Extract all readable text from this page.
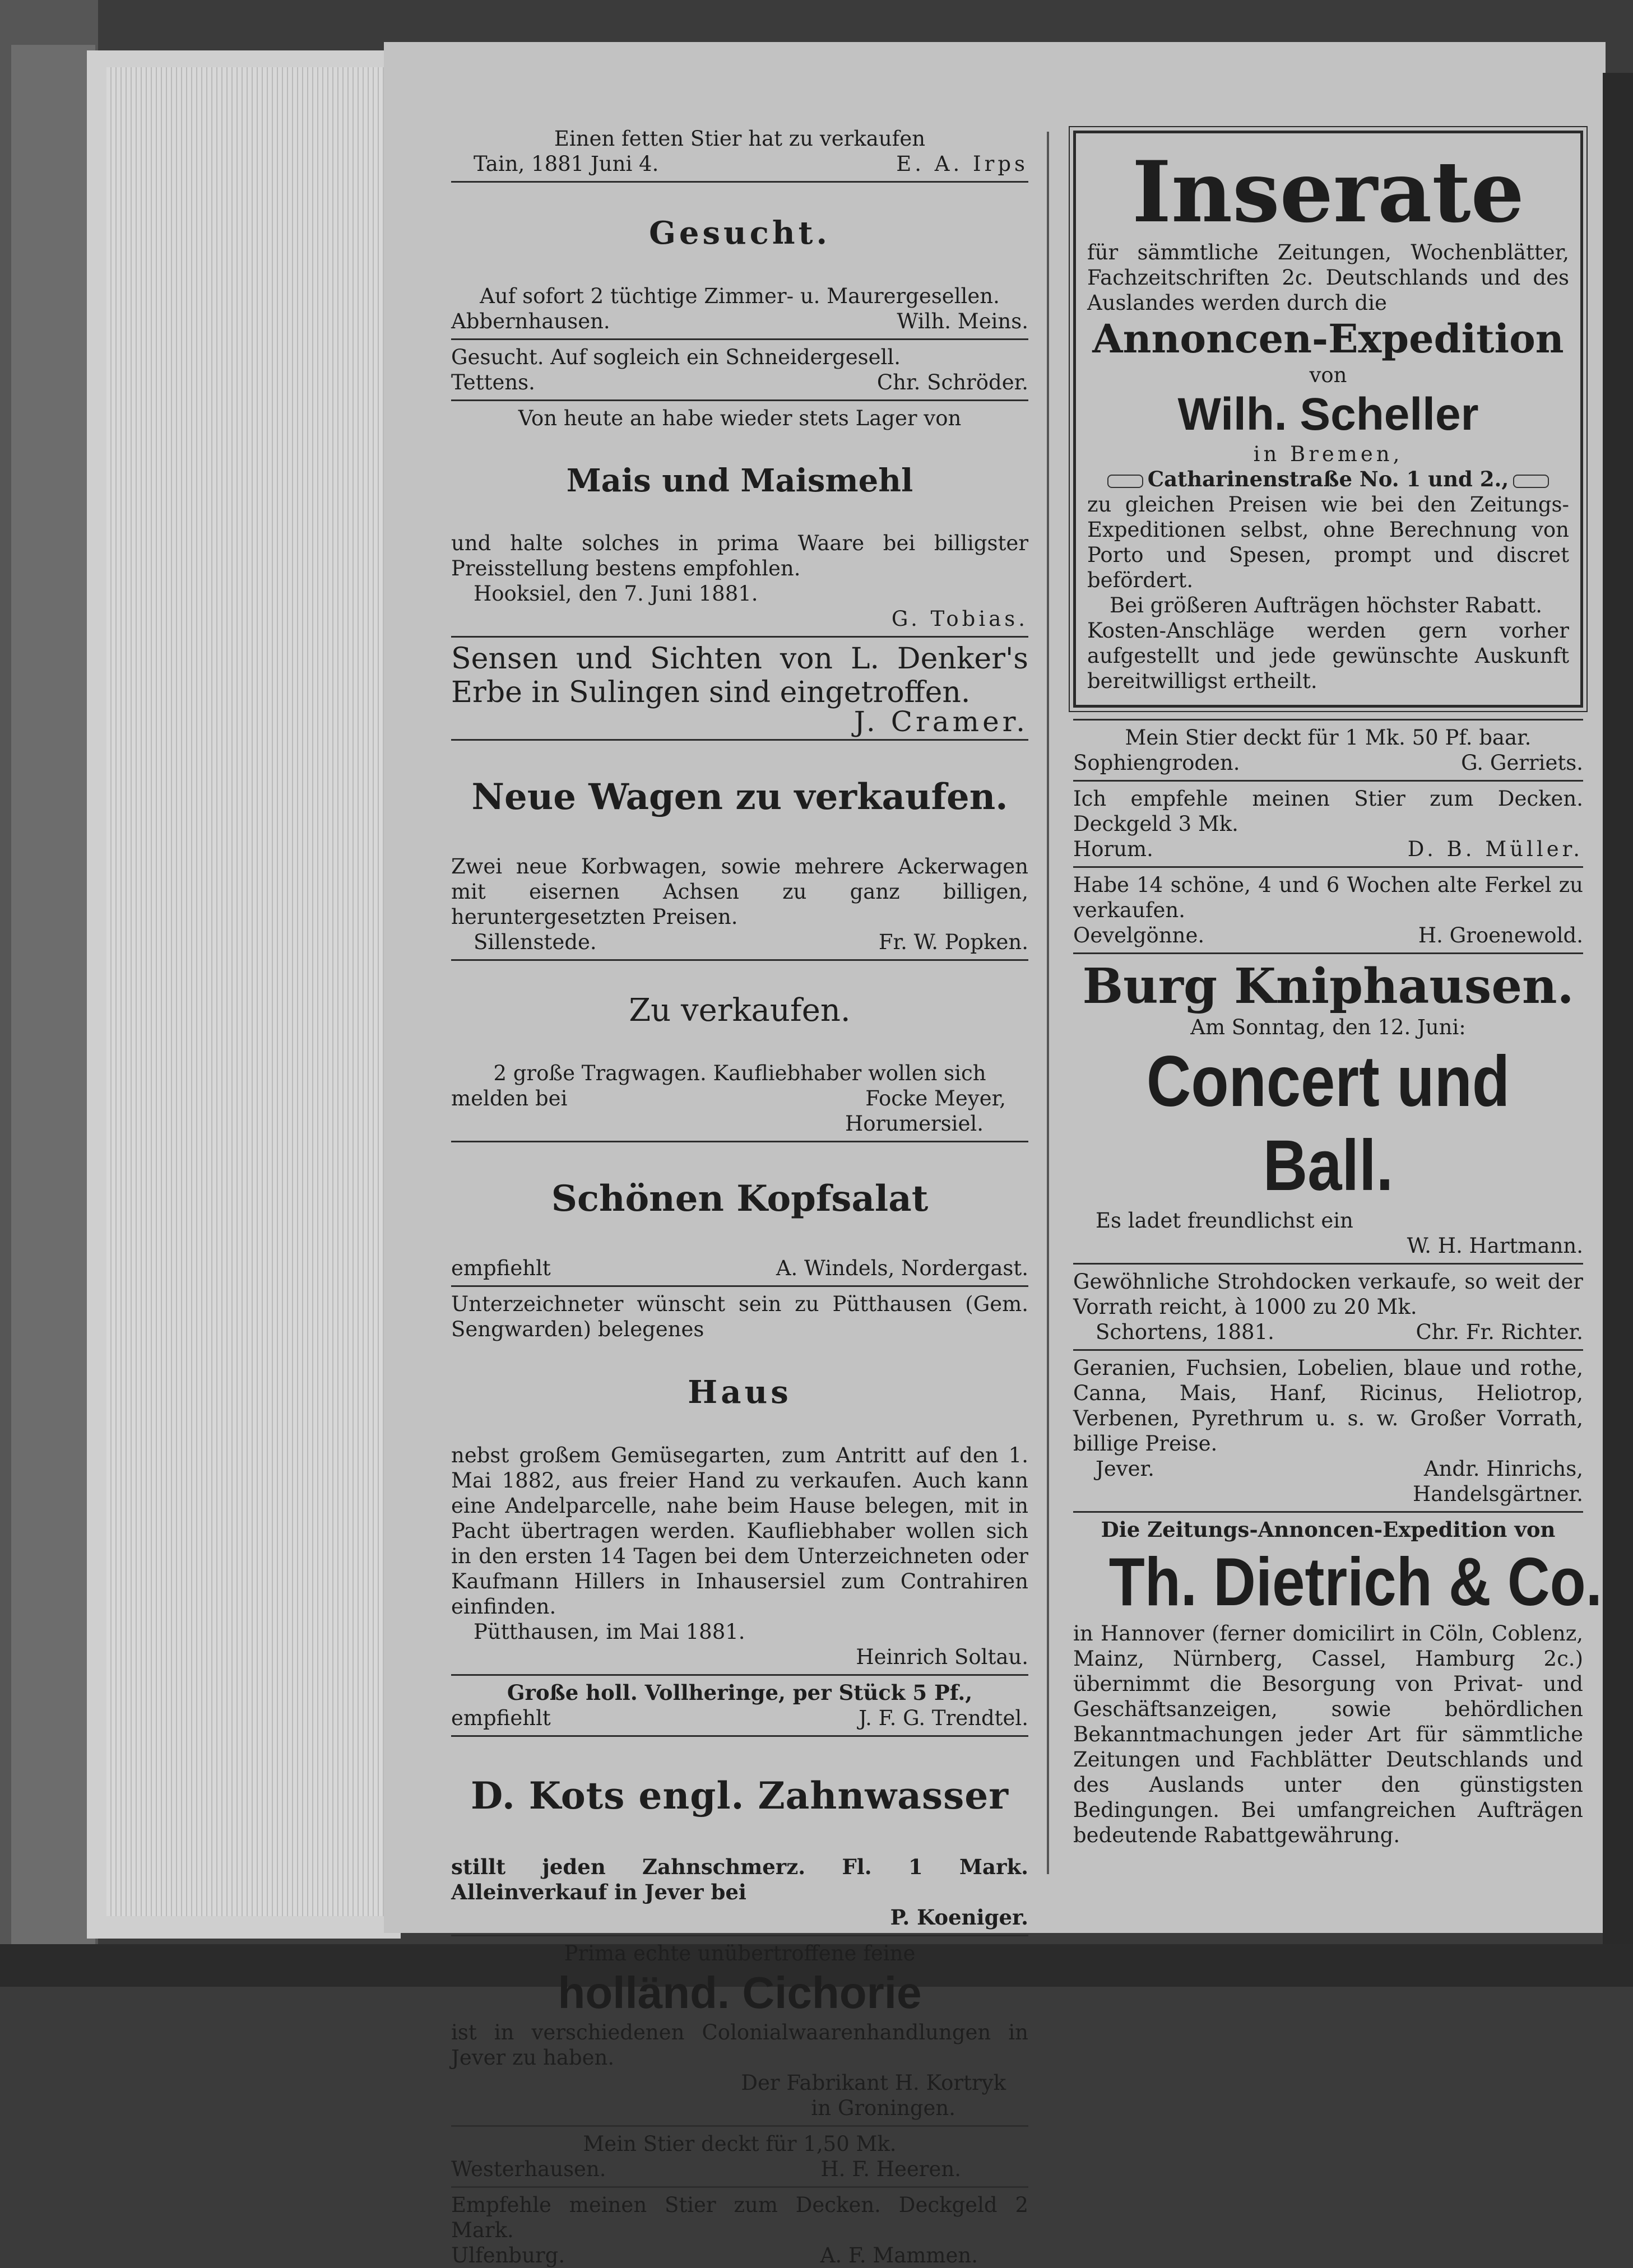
Einen fetten Stier hat zu verkaufen

Tain, 1881 Juni 4.	E. A. Irps

Gesucht.

Auf sofort 2 tüchtige Zimmer- u. Maurergesellen.

Abbernhausen.	Wilh. Meins.

Gesucht. Auf sogleich ein Schneidergesell.

Tettens.	Chr. Schröder.

Von heute an habe wieder stets Lager von

Mais und Maismehl

und halte solches in prima Waare bei billigster Preisstellung bestens empfohlen.

Hooksiel, den 7. Juni 1881.

G. Tobias.

Sensen und Sichten von L. Denker's Erbe in Sulingen sind eingetroffen.

J. Cramer.

Neue Wagen zu verkaufen.

Zwei neue Korbwagen, sowie mehrere Ackerwagen mit eisernen Achsen zu ganz billigen, heruntergesetzten Preisen.

Sillenstede.	Fr. W. Popken.

Zu verkaufen.

2 große Tragwagen. Kaufliebhaber wollen sich

melden bei	Focke Meyer,
Horumersiel.

Schönen Kopfsalat

empfiehlt	A. Windels, Nordergast.

Unterzeichneter wünscht sein zu Pütthausen (Gem. Sengwarden) belegenes

Haus

nebst großem Gemüsegarten, zum Antritt auf den 1. Mai 1882, aus freier Hand zu verkaufen. Auch kann eine Andelparcelle, nahe beim Hause belegen, mit in Pacht übertragen werden. Kaufliebhaber wollen sich in den ersten 14 Tagen bei dem Unterzeichneten oder Kaufmann Hillers in Inhausersiel zum Contrahiren einfinden.

Pütthausen, im Mai 1881.

Heinrich Soltau.

Große holl. Vollheringe, per Stück 5 Pf.,

empfiehlt	J. F. G. Trendtel.

D. Kots engl. Zahnwasser

stillt jeden Zahnschmerz. Fl. 1 Mark. Alleinverkauf in Jever bei

P. Koeniger.

Prima echte unübertroffene feine

holländ. Cichorie

ist in verschiedenen Colonialwaarenhandlungen in Jever zu haben.

Der Fabrikant H. Kortryk
in Groningen.

Mein Stier deckt für 1,50 Mk.

Westerhausen.	H. F. Heeren.

Empfehle meinen Stier zum Decken. Deckgeld 2 Mark.

Ulfenburg.	A. F. Mammen.

Inserate

für sämmtliche Zeitungen, Wochenblätter, Fachzeitschriften 2c. Deutschlands und des Auslandes werden durch die

Annoncen-Expedition

von

Wilh. Scheller

in Bremen,

Catharinenstraße No. 1 und 2.,

zu gleichen Preisen wie bei den Zeitungs-Expeditionen selbst, ohne Berechnung von Porto und Spesen, prompt und discret befördert.

Bei größeren Aufträgen höchster Rabatt.

Kosten-Anschläge werden gern vorher aufgestellt und jede gewünschte Auskunft bereitwilligst ertheilt.

Mein Stier deckt für 1 Mk. 50 Pf. baar.

Sophiengroden.	G. Gerriets.

Ich empfehle meinen Stier zum Decken. Deckgeld 3 Mk.

Horum.	D. B. Müller.

Habe 14 schöne, 4 und 6 Wochen alte Ferkel zu verkaufen.

Oevelgönne.	H. Groenewold.

Burg Kniphausen.

Am Sonntag, den 12. Juni:

Concert und Ball.

Es ladet freundlichst ein

W. H. Hartmann.

Gewöhnliche Strohdocken verkaufe, so weit der Vorrath reicht, à 1000 zu 20 Mk.

Schortens, 1881.	Chr. Fr. Richter.

Geranien, Fuchsien, Lobelien, blaue und rothe, Canna, Mais, Hanf, Ricinus, Heliotrop, Verbenen, Pyrethrum u. s. w. Großer Vorrath, billige Preise.

Jever.	Andr. Hinrichs,
Handelsgärtner.

Die Zeitungs-Annoncen-Expedition von

Th. Dietrich & Co.

in Hannover (ferner domicilirt in Cöln, Coblenz, Mainz, Nürnberg, Cassel, Hamburg 2c.) übernimmt die Besorgung von Privat- und Geschäftsanzeigen, sowie behördlichen Bekanntmachungen jeder Art für sämmtliche Zeitungen und Fachblätter Deutschlands und des Auslands unter den günstigsten Bedingungen. Bei umfangreichen Aufträgen bedeutende Rabattgewährung.
